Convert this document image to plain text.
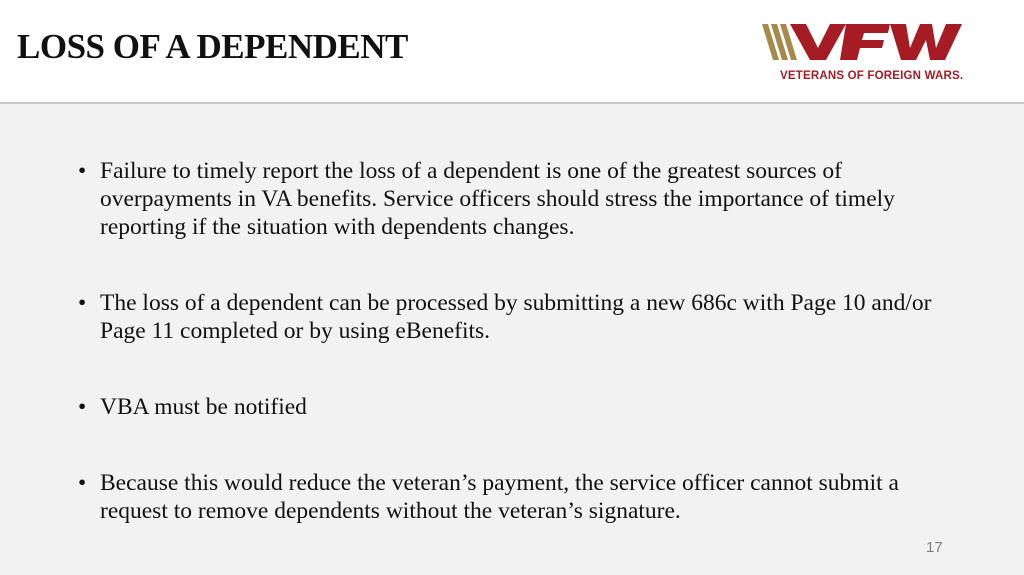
LOSS OF A DEPENDENT
VETERANS OF FOREIGN WARS.
• Failure to timely report the loss of a dependent is one of the greatest sources of overpayments in VA benefits. Service officers should stress the importance of timely reporting if the situation with dependents changes.
• The loss of a dependent can be processed by submitting a new 686c with Page 10 and/or Page 11 completed or by using eBenefits.
• VBA must be notified
• Because this would reduce the veteran’s payment, the service officer cannot submit a request to remove dependents without the veteran’s signature.
17
